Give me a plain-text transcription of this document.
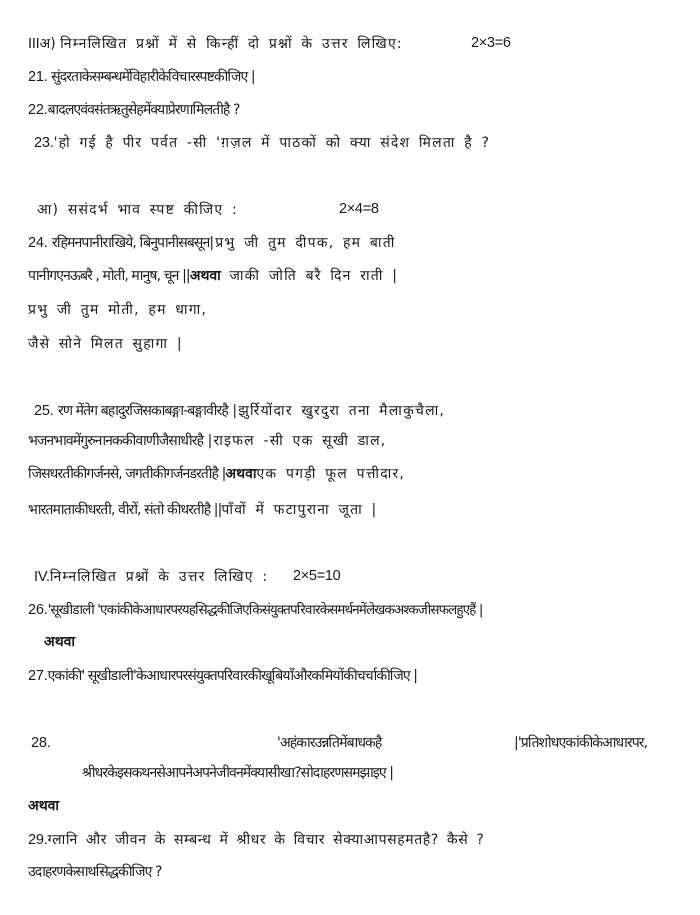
IIIअ) निम्नलिखित प्रश्नों में से किन्हीं दो प्रश्नों के उत्तर लिखिए:	2×3=6
21. सुंदरताकेसम्बन्धमेंविहारीकेविचारस्पष्टकीजिए |
22.बादलएवंवसंतऋतुसेहमेंक्याप्रेरणामिलतीहै ?
23.'हो गई है पीर पर्वत -सी 'ग़ज़ल में पाठकों को क्या संदेश मिलता है ?
आ) ससंदर्भ भाव स्पष्ट कीजिए :	2×4=8
24. रहिमनपानीराखिये, बिनुपानीसबसून|प्रभु जी तुम दीपक, हम बाती
पानीगएनऊबरै , मोती, मानुष, चून ||अथवा जाकी जोति बरै दिन राती |
प्रभु जी तुम मोती, हम धागा,
जैसे सोने मिलत सुहागा |
25. रण मेंतेग बहादुरजिसकाबङ्गा-बङ्गावीरहै |झुर्रियोंदार खुरदुरा तना मैलाकुचैला,
भजनभावमेंगुरुनानककीवाणीजैसाधीरहै |राइफल -सी एक सूखी डाल,
जिसधरतीकीगर्जनसे, जगतीकीगर्जनडरतीहै |अथवाएक पगड़ी फूल पत्तीदार,
भारतमाताकीधरती, वीरों, संतो कीधरतीहै ||पाँवों में फटापुराना जूता |
IV.निम्नलिखित प्रश्नों के उत्तर लिखिए : 2×5=10
26.'सूखीडाली 'एकांकीकेआधारपरयहसिद्धकीजिएकिसंयुक्तपरिवारकेसमर्थनमेंलेखकअश्कजीसफलहुएहैं |
अथवा
27.एकांकी' सूखीडाली'केआधारपरसंयुक्तपरिवारकीखूबियाँऔरकमियोंकीचर्चाकीजिए |
28.	'अहंकारउन्नतिमेंबाधकहै	|'प्रतिशोधएकांकीकेआधारपर,
श्रीधरकेइसकथनसेआपनेअपनेजीवनमेंक्यासीखा?सोदाहरणसमझाइए |
अथवा
29.ग्लानि और जीवन के सम्बन्ध में श्रीधर के विचार सेक्याआपसहमतहै? कैसे ?
उदाहरणकेसाथसिद्धकीजिए ?
